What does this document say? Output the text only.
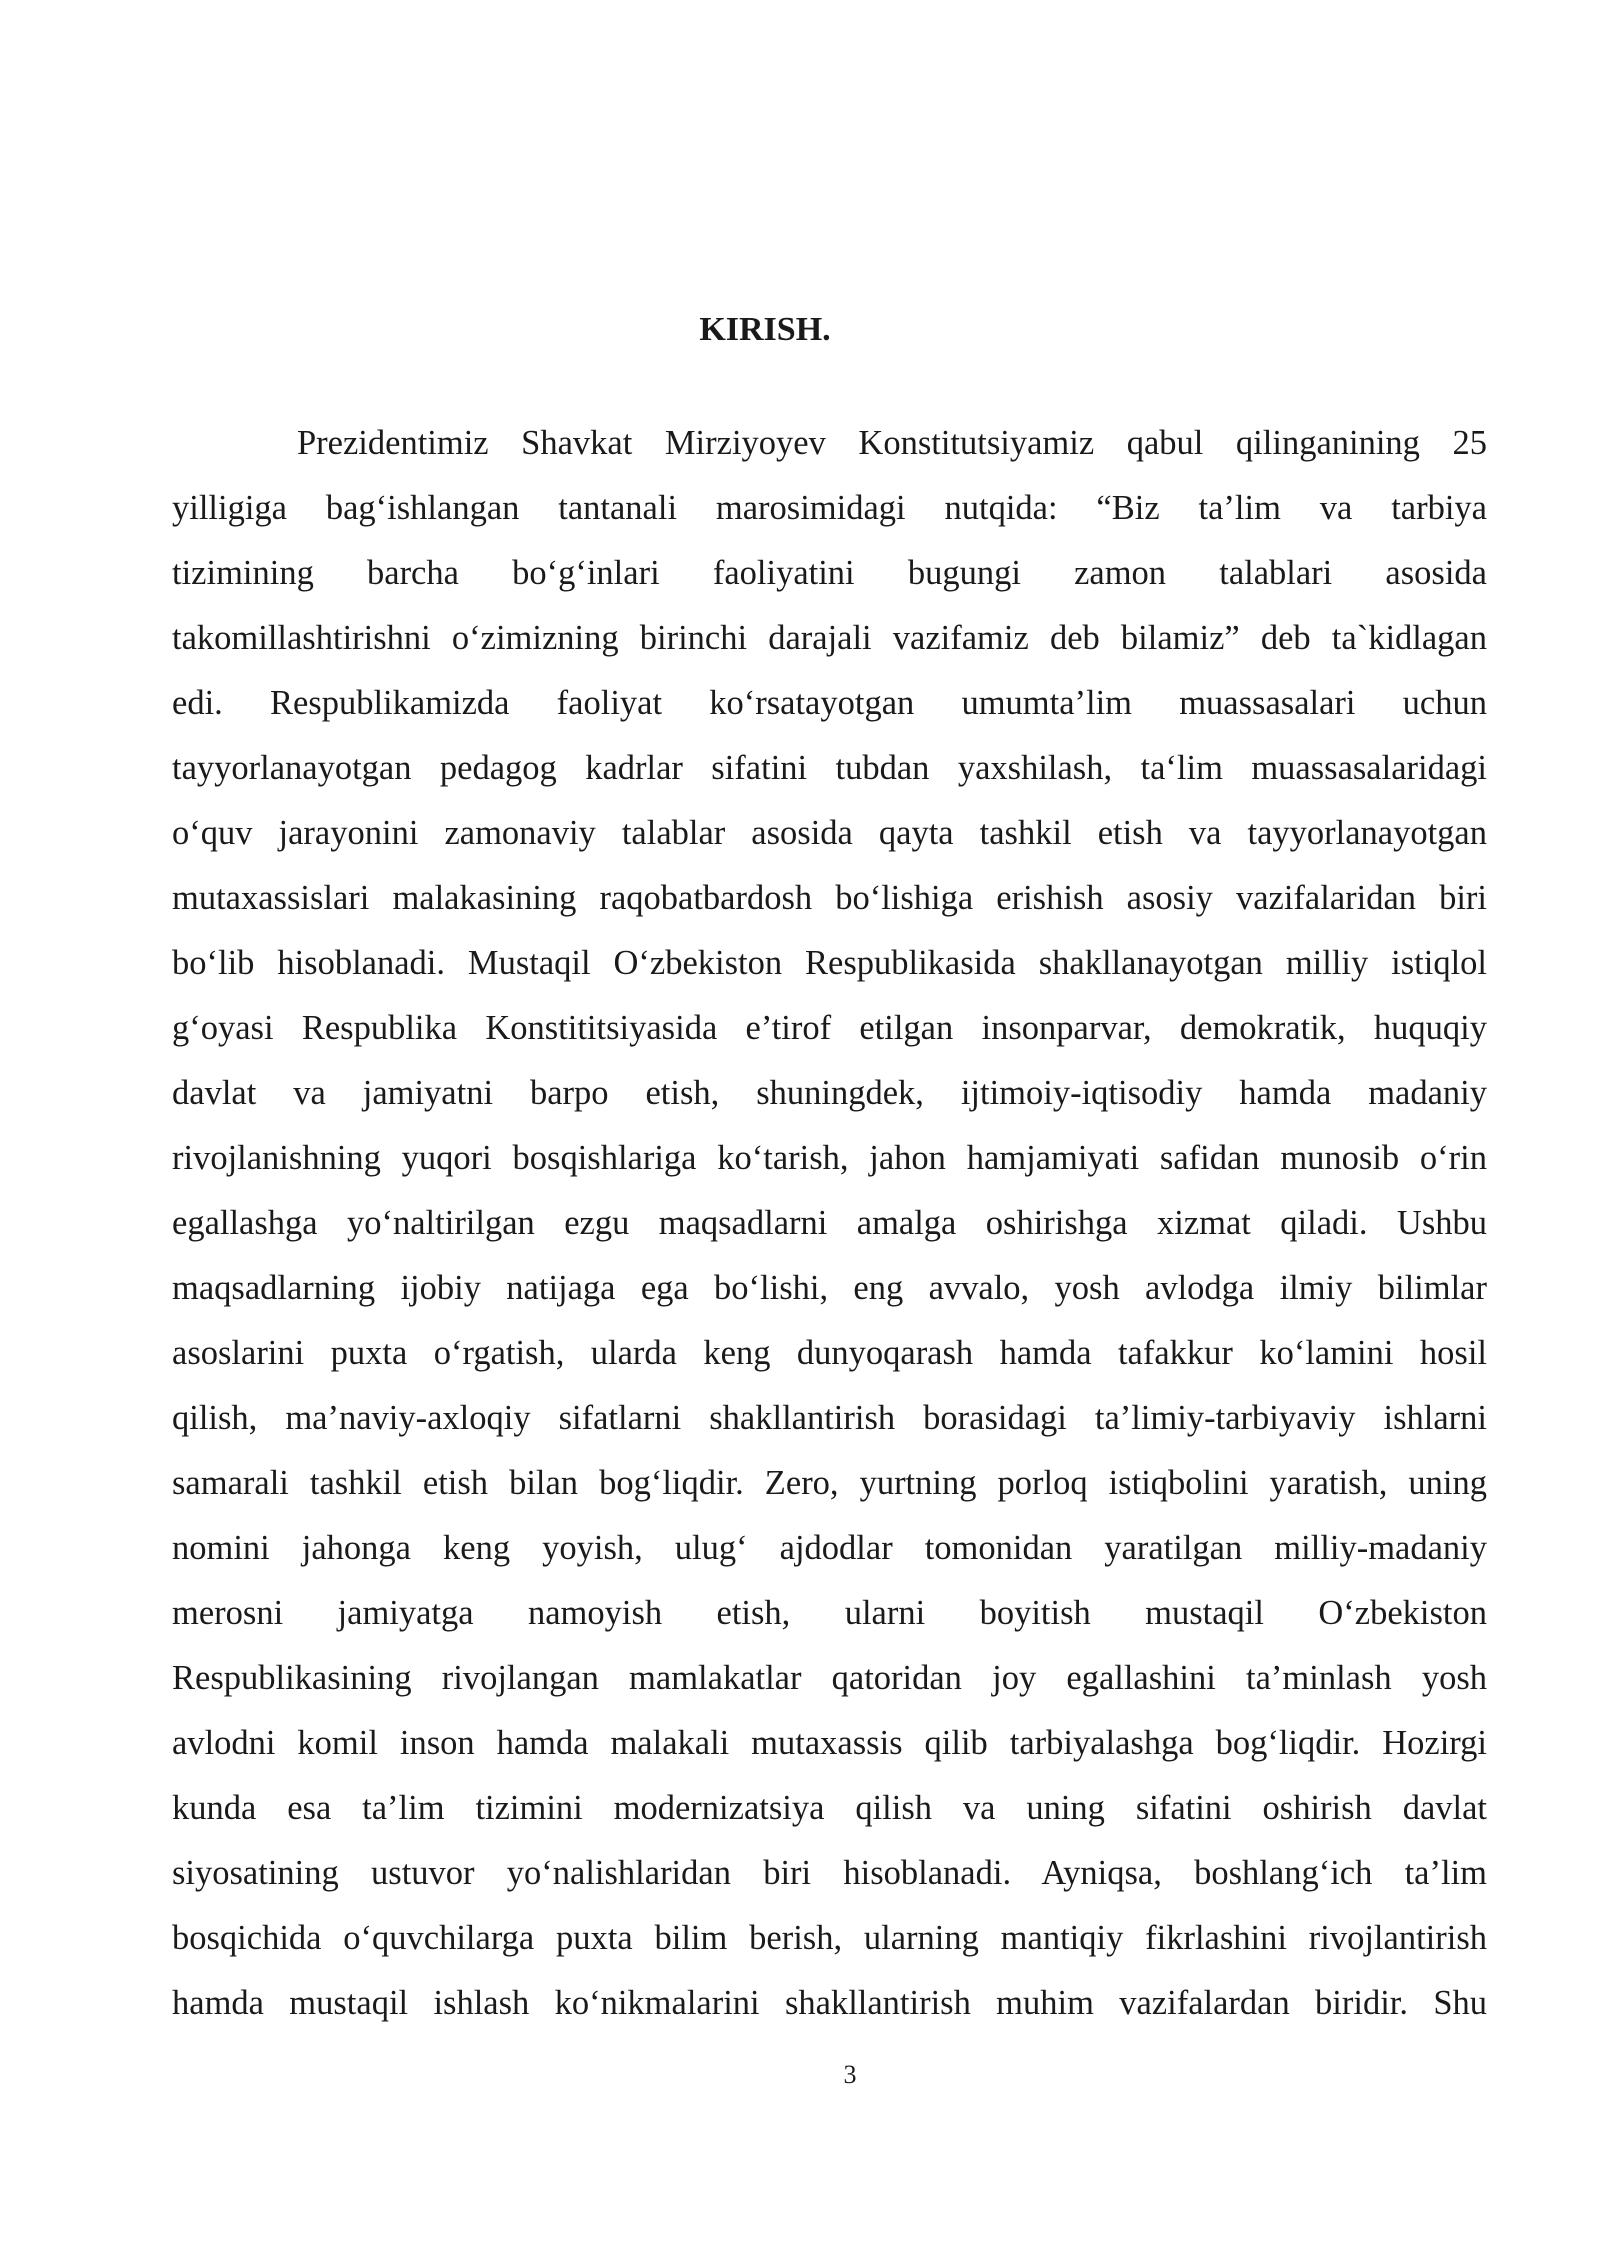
KIRISH.
Prezidentimiz Shavkat Mirziyoyev Konstitutsiyamiz qabul qilinganining 25
yilligiga bag‘ishlangan tantanali marosimidagi nutqida: “Biz ta’lim va tarbiya
tizimining barcha bo‘g‘inlari faoliyatini bugungi zamon talablari asosida
takomillashtirishni o‘zimizning birinchi darajali vazifamiz deb bilamiz” deb ta`kidlagan
edi. Respublikamizda faoliyat ko‘rsatayotgan umumta’lim muassasalari uchun
tayyorlanayotgan pedagog kadrlar sifatini tubdan yaxshilash, ta‘lim muassasalaridagi
o‘quv jarayonini zamonaviy talablar asosida qayta tashkil etish va tayyorlanayotgan
mutaxassislari malakasining raqobatbardosh bo‘lishiga erishish asosiy vazifalaridan biri
bo‘lib hisoblanadi. Mustaqil O‘zbekiston Respublikasida shakllanayotgan milliy istiqlol
g‘oyasi Respublika Konstititsiyasida e’tirof etilgan insonparvar, demokratik, huquqiy
davlat va jamiyatni barpo etish, shuningdek, ijtimoiy-iqtisodiy hamda madaniy
rivojlanishning yuqori bosqishlariga ko‘tarish, jahon hamjamiyati safidan munosib o‘rin
egallashga yo‘naltirilgan ezgu maqsadlarni amalga oshirishga xizmat qiladi. Ushbu
maqsadlarning ijobiy natijaga ega bo‘lishi, eng avvalo, yosh avlodga ilmiy bilimlar
asoslarini puxta o‘rgatish, ularda keng dunyoqarash hamda tafakkur ko‘lamini hosil
qilish, ma’naviy-axloqiy sifatlarni shakllantirish borasidagi ta’limiy-tarbiyaviy ishlarni
samarali tashkil etish bilan bog‘liqdir. Zero, yurtning porloq istiqbolini yaratish, uning
nomini jahonga keng yoyish, ulug‘ ajdodlar tomonidan yaratilgan milliy-madaniy
merosni jamiyatga namoyish etish, ularni boyitish mustaqil O‘zbekiston
Respublikasining rivojlangan mamlakatlar qatoridan joy egallashini ta’minlash yosh
avlodni komil inson hamda malakali mutaxassis qilib tarbiyalashga bog‘liqdir. Hozirgi
kunda esa ta’lim tizimini modernizatsiya qilish va uning sifatini oshirish davlat
siyosatining ustuvor yo‘nalishlaridan biri hisoblanadi. Ayniqsa, boshlang‘ich ta’lim
bosqichida o‘quvchilarga puxta bilim berish, ularning mantiqiy fikrlashini rivojlantirish
hamda mustaqil ishlash ko‘nikmalarini shakllantirish muhim vazifalardan biridir. Shu

3
